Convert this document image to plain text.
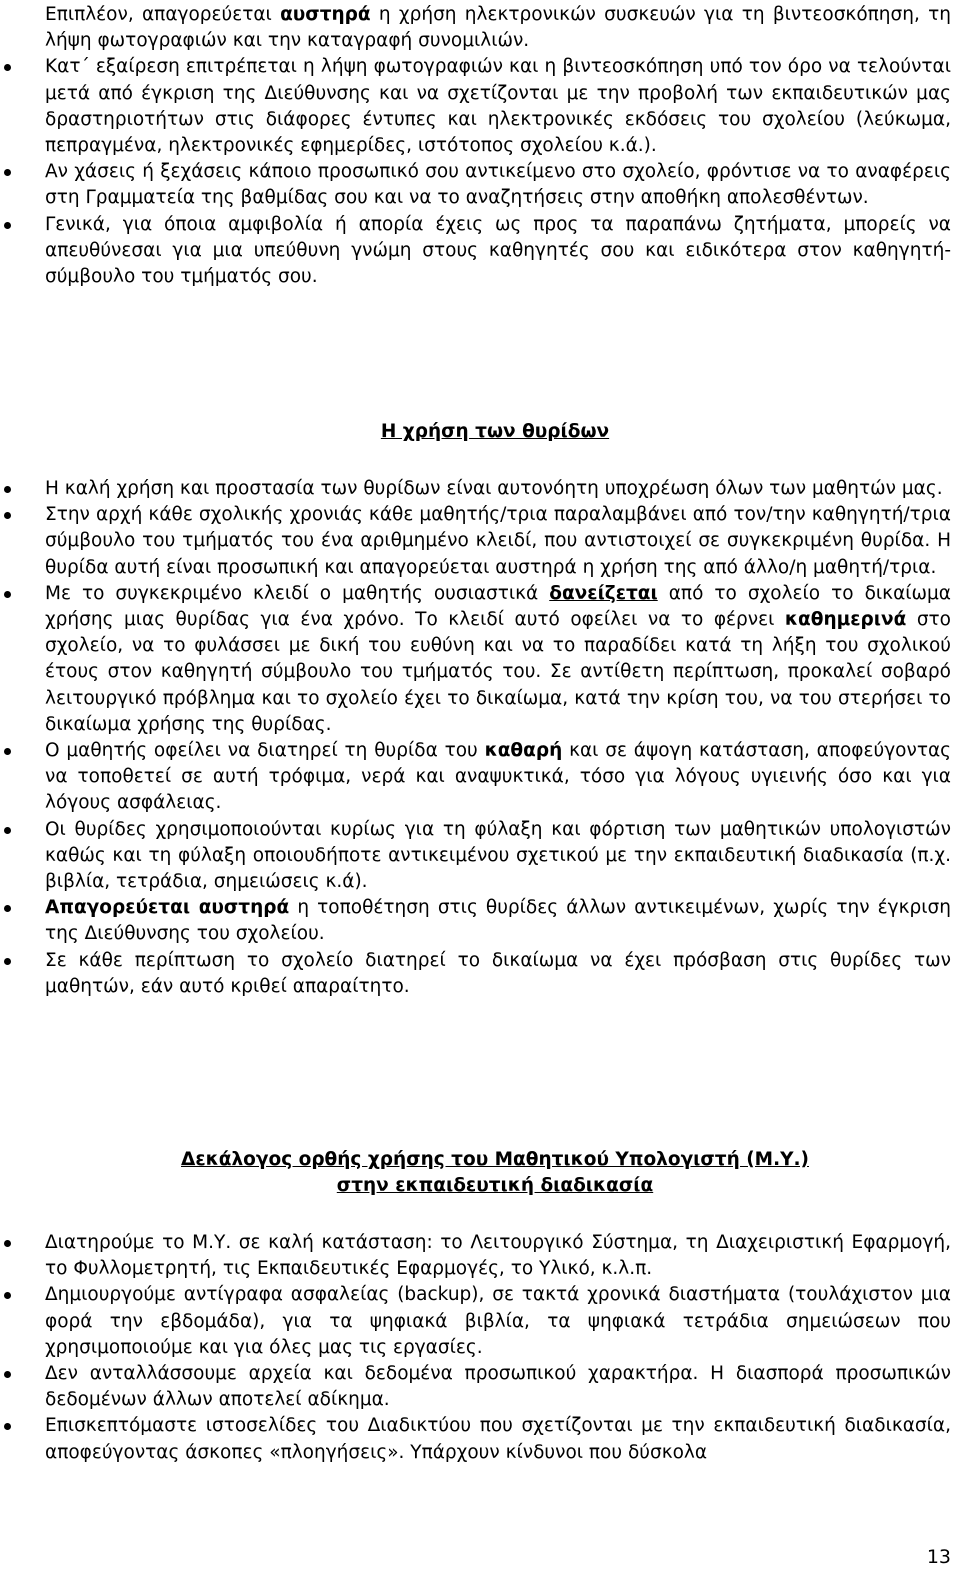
Επιπλέον, απαγορεύεται αυστηρά η χρήση ηλεκτρονικών συσκευών για τη βιντεοσκόπηση, τη λήψη φωτογραφιών και την καταγραφή συνομιλιών.
Κατ΄ εξαίρεση επιτρέπεται η λήψη φωτογραφιών και η βιντεοσκόπηση υπό τον όρο να τελούνται μετά από έγκριση της Διεύθυνσης και να σχετίζονται με την προβολή των εκπαιδευτικών μας δραστηριοτήτων στις διάφορες έντυπες και ηλεκτρονικές εκδόσεις του σχολείου (λεύκωμα, πεπραγμένα, ηλεκτρονικές εφημερίδες, ιστότοπος σχολείου κ.ά.).
Αν χάσεις ή ξεχάσεις κάποιο προσωπικό σου αντικείμενο στο σχολείο, φρόντισε να το αναφέρεις στη Γραμματεία της βαθμίδας σου και να το αναζητήσεις στην αποθήκη απολεσθέντων.
Γενικά, για όποια αμφιβολία ή απορία έχεις ως προς τα παραπάνω ζητήματα, μπορείς να απευθύνεσαι για μια υπεύθυνη γνώμη στους καθηγητές σου και ειδικότερα στον καθηγητή-σύμβουλο του τμήματός σου.
Η χρήση των θυρίδων
Η καλή χρήση και προστασία των θυρίδων είναι αυτονόητη υποχρέωση όλων των μαθητών μας.
Στην αρχή κάθε σχολικής χρονιάς κάθε μαθητής/τρια παραλαμβάνει από τον/την καθηγητή/τρια σύμβουλο του τμήματός του ένα αριθμημένο κλειδί, που αντιστοιχεί σε συγκεκριμένη θυρίδα. Η θυρίδα αυτή είναι προσωπική και απαγορεύεται αυστηρά η χρήση της από άλλο/η μαθητή/τρια.
Με το συγκεκριμένο κλειδί ο μαθητής ουσιαστικά δανείζεται από το σχολείο το δικαίωμα χρήσης μιας θυρίδας για ένα χρόνο. Το κλειδί αυτό οφείλει να το φέρνει καθημερινά στο σχολείο, να το φυλάσσει με δική του ευθύνη και να το παραδίδει κατά τη λήξη του σχολικού έτους στον καθηγητή σύμβουλο του τμήματός του. Σε αντίθετη περίπτωση, προκαλεί σοβαρό λειτουργικό πρόβλημα και το σχολείο έχει το δικαίωμα, κατά την κρίση του, να του στερήσει το δικαίωμα χρήσης της θυρίδας.
Ο μαθητής οφείλει να διατηρεί τη θυρίδα του καθαρή και σε άψογη κατάσταση, αποφεύγοντας να τοποθετεί σε αυτή τρόφιμα, νερά και αναψυκτικά, τόσο για λόγους υγιεινής όσο και για λόγους ασφάλειας.
Οι θυρίδες χρησιμοποιούνται κυρίως για τη φύλαξη και φόρτιση των μαθητικών υπολογιστών καθώς και τη φύλαξη οποιουδήποτε αντικειμένου σχετικού με την εκπαιδευτική διαδικασία (π.χ. βιβλία, τετράδια, σημειώσεις κ.ά).
Απαγορεύεται αυστηρά η τοποθέτηση στις θυρίδες άλλων αντικειμένων, χωρίς την έγκριση της Διεύθυνσης του σχολείου.
Σε κάθε περίπτωση το σχολείο διατηρεί το δικαίωμα να έχει πρόσβαση στις θυρίδες των μαθητών, εάν αυτό κριθεί απαραίτητο.
Δεκάλογος ορθής χρήσης του Μαθητικού Υπολογιστή (Μ.Υ.)
στην εκπαιδευτική διαδικασία
Διατηρούμε το Μ.Υ. σε καλή κατάσταση: το Λειτουργικό Σύστημα, τη Διαχειριστική Εφαρμογή, το Φυλλομετρητή, τις Εκπαιδευτικές Εφαρμογές, το Υλικό, κ.λ.π.
Δημιουργούμε αντίγραφα ασφαλείας (backup), σε τακτά χρονικά διαστήματα (τουλάχιστον μια φορά την εβδομάδα), για τα ψηφιακά βιβλία, τα ψηφιακά τετράδια σημειώσεων που χρησιμοποιούμε και για όλες μας τις εργασίες.
Δεν ανταλλάσσουμε αρχεία και δεδομένα προσωπικού χαρακτήρα. Η διασπορά προσωπικών δεδομένων άλλων αποτελεί αδίκημα.
Επισκεπτόμαστε ιστοσελίδες του Διαδικτύου που σχετίζονται με την εκπαιδευτική διαδικασία, αποφεύγοντας άσκοπες «πλοηγήσεις». Υπάρχουν κίνδυνοι που δύσκολα
13
